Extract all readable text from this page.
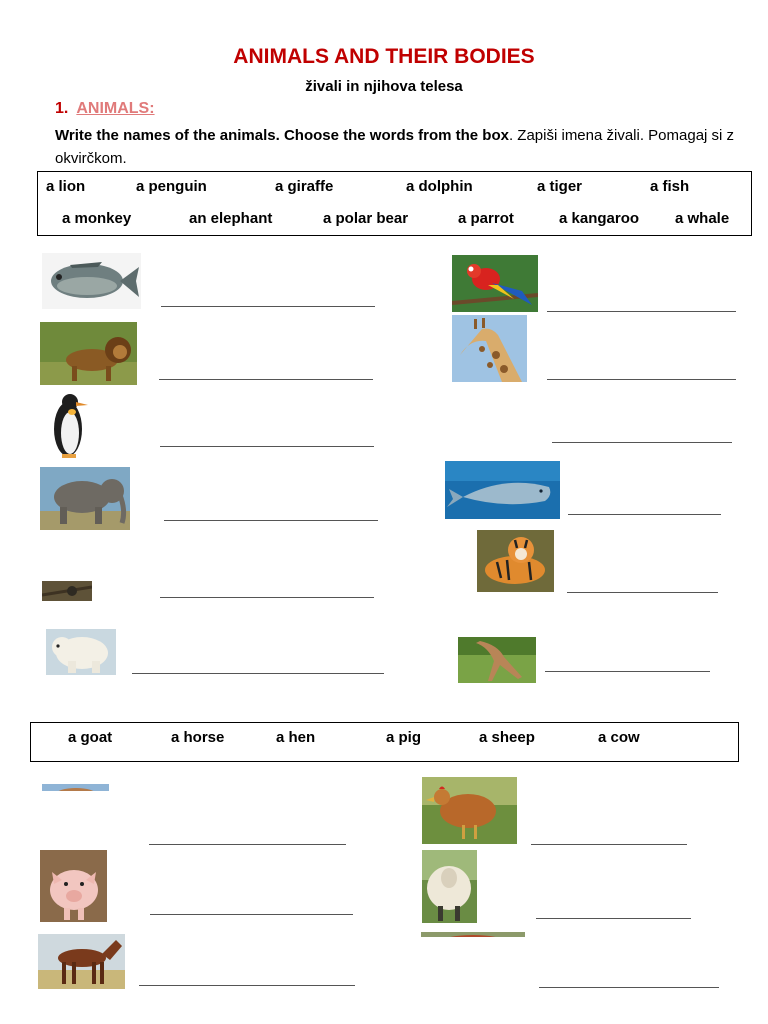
ANIMALS AND THEIR BODIES
živali in njihova telesa
1. ANIMALS:
Write the names of the animals. Choose the words from the box. Zapiši imena živali. Pomagaj si z okvirčkom.
a lion	a penguin	a giraffe	a dolphin	a tiger	a fish
a monkey	an elephant	a polar bear	a parrot	a kangaroo a whale
a goat	a horse	a hen	a pig	a sheep	a cow
